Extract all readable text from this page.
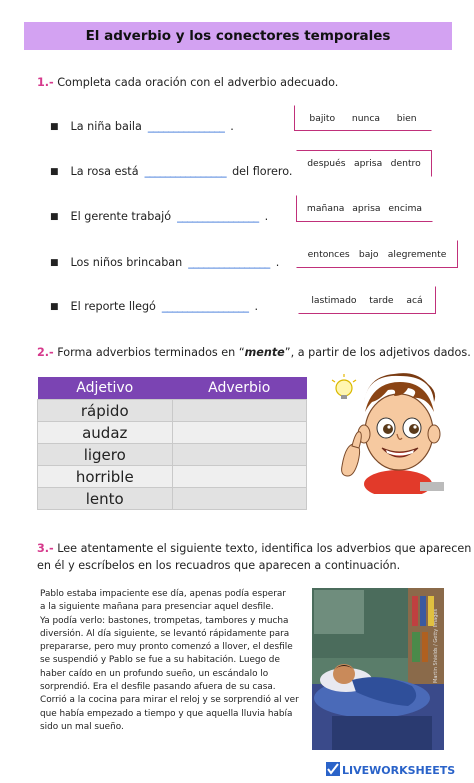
El adverbio y los conectores temporales
1.- Completa cada oración con el adverbio adecuado.
■ La niña baila _______________ .
■ La rosa está ________________ del florero.
■ El gerente trabajó ________________ .
■ Los niños brincaban ________________ .
■ El reporte llegó _________________ .
bajito nunca bien
después aprisa dentro
mañana aprisa encima
entonces bajo alegremente
lastimado tarde acá
2.- Forma adverbios terminados en “mente”, a partir de los adjetivos dados.
Adjetivo	Adverbio
rápido	
audaz	
ligero	
horrible	
lento	
3.- Lee atentamente el siguiente texto, identifica los adverbios que aparecen
en él y escríbelos en los recuadros que aparecen a continuación.
Pablo estaba impaciente ese día, apenas podía esperar
a la siguiente mañana para presenciar aquel desfile.
Ya podía verlo: bastones, trompetas, tambores y mucha
diversión. Al día siguiente, se levantó rápidamente para
prepararse, pero muy pronto comenzó a llover, el desfile
se suspendió y Pablo se fue a su habitación. Luego de
haber caído en un profundo sueño, un escándalo lo
sorprendió. Era el desfile pasando afuera de su casa.
Corrió a la cocina para mirar el reloj y se sorprendió al ver
que había empezado a tiempo y que aquella lluvia había
sido un mal sueño.
Martin Shields / Getty Images
LIVEWORKSHEETS
